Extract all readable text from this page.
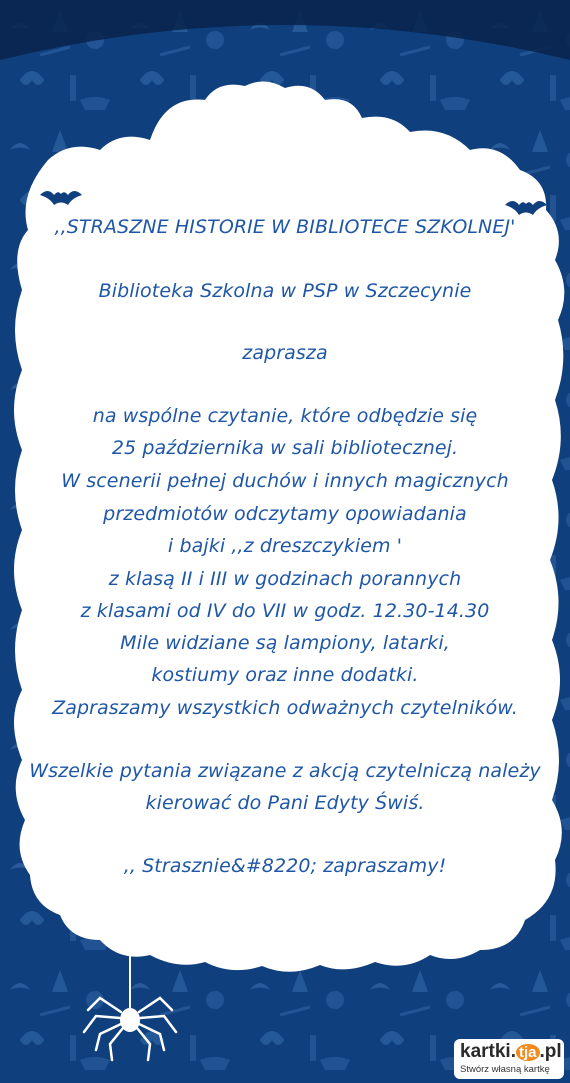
,,STRASZNE HISTORIE W BIBLIOTECE SZKOLNEJ'
Biblioteka Szkolna w PSP w Szczecynie
zaprasza
na wspólne czytanie, które odbędzie się
25 października w sali bibliotecznej.
W scenerii pełnej duchów i innych magicznych
przedmiotów odczytamy opowiadania
i bajki ,,z dreszczykiem '
z klasą II i III w godzinach porannych
z klasami od IV do VII w godz. 12.30-14.30
Mile widziane są lampiony, latarki,
kostiumy oraz inne dodatki.
Zapraszamy wszystkich odważnych czytelników.
Wszelkie pytania związane z akcją czytelniczą należy
kierować do Pani Edyty Świś.
,, Strasznie&#8220; zapraszamy!
kartki. tja .pl
Stwórz własną kartkę
